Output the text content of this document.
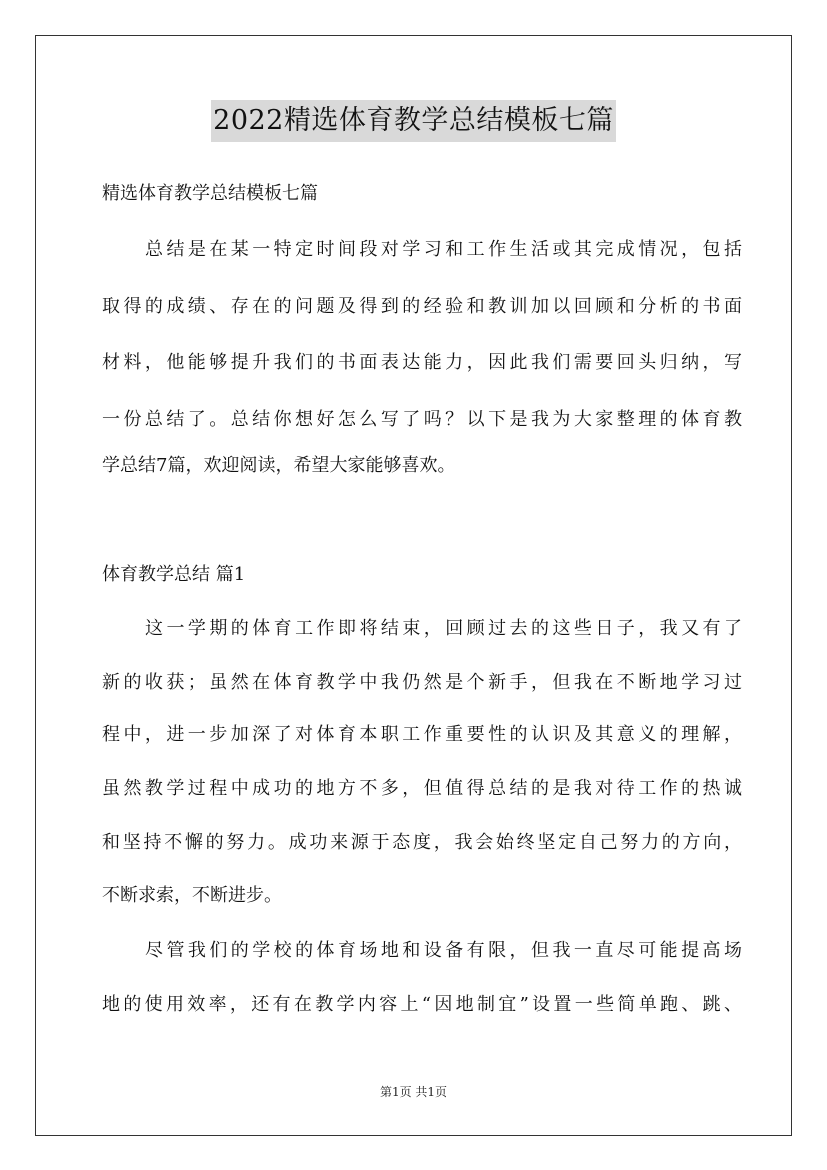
2022精选体育教学总结模板七篇
精选体育教学总结模板七篇
总结是在某一特定时间段对学习和工作生活或其完成情况，包括
取得的成绩、存在的问题及得到的经验和教训加以回顾和分析的书面
材料，他能够提升我们的书面表达能力，因此我们需要回头归纳，写
一份总结了。总结你想好怎么写了吗？以下是我为大家整理的体育教
学总结7篇，欢迎阅读，希望大家能够喜欢。
体育教学总结 篇1
这一学期的体育工作即将结束，回顾过去的这些日子，我又有了
新的收获；虽然在体育教学中我仍然是个新手，但我在不断地学习过
程中，进一步加深了对体育本职工作重要性的认识及其意义的理解，
虽然教学过程中成功的地方不多，但值得总结的是我对待工作的热诚
和坚持不懈的努力。成功来源于态度，我会始终坚定自己努力的方向，
不断求索，不断进步。
尽管我们的学校的体育场地和设备有限，但我一直尽可能提高场
地的使用效率，还有在教学内容上“因地制宜”设置一些简单跑、跳、
第1页 共1页
